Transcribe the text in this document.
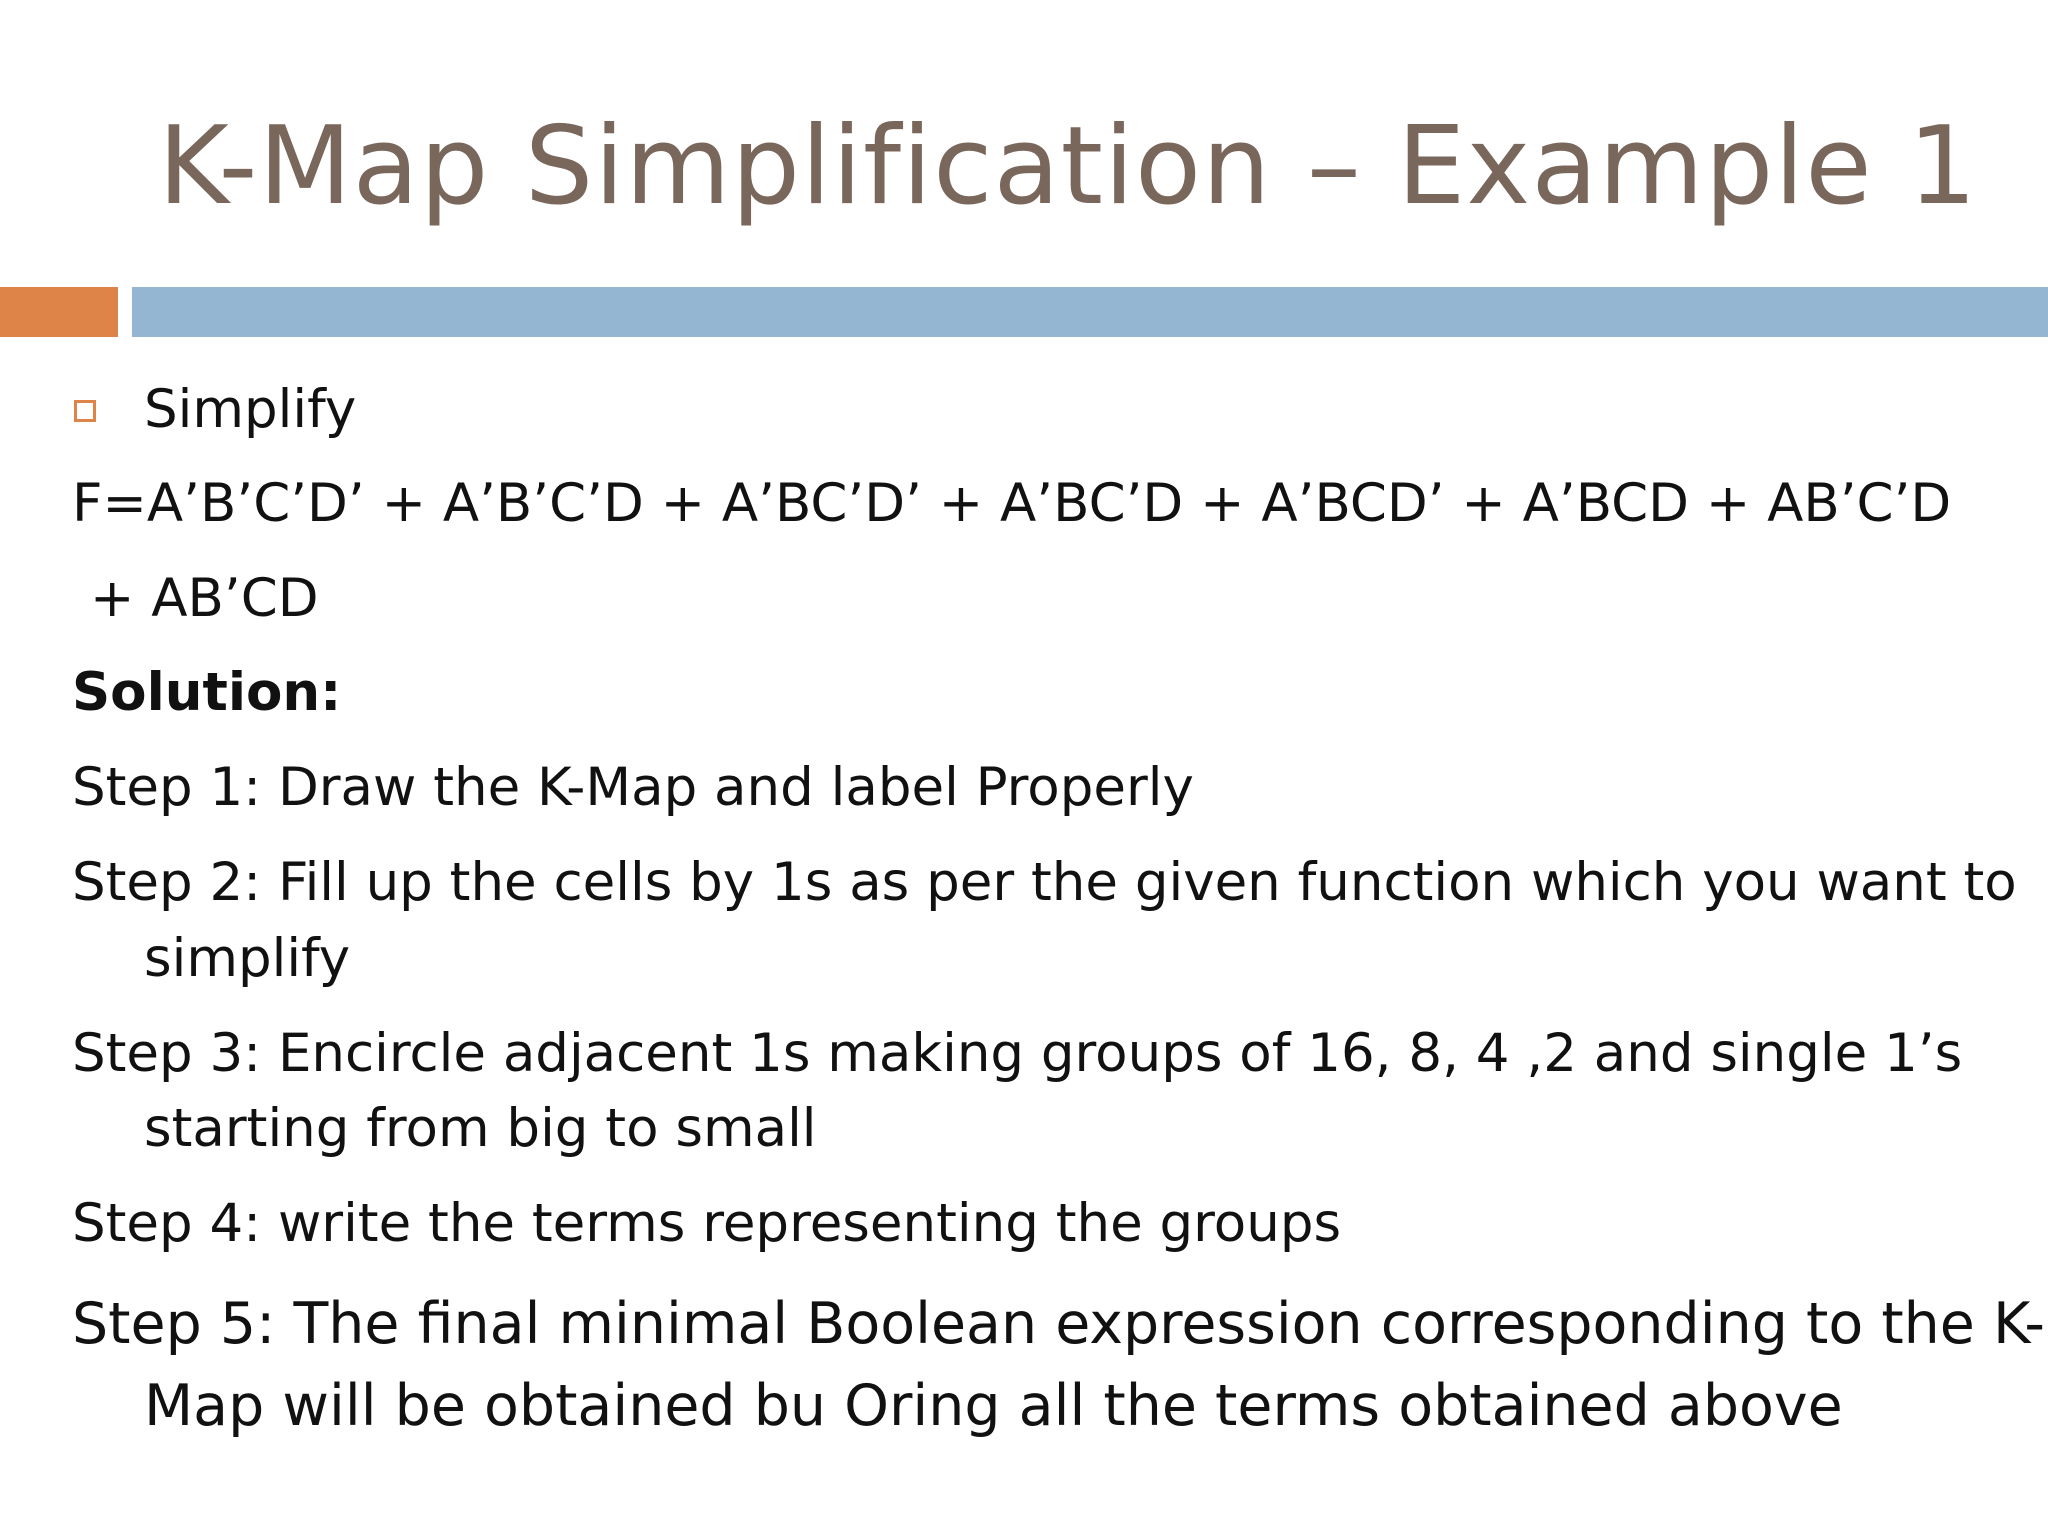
K-Map Simplification – Example 1
Simplify
F=A’B’C’D’ + A’B’C’D + A’BC’D’ + A’BC’D + A’BCD’ + A’BCD + AB’C’D
+ AB’CD
Solution:
Step 1: Draw the K-Map and label Properly
Step 2: Fill up the cells by 1s as per the given function which you want to
simplify
Step 3: Encircle adjacent 1s making groups of 16, 8, 4 ,2 and single 1’s
starting from big to small
Step 4: write the terms representing the groups
Step 5: The final minimal Boolean expression corresponding to the K-
Map will be obtained bu Oring all the terms obtained above
